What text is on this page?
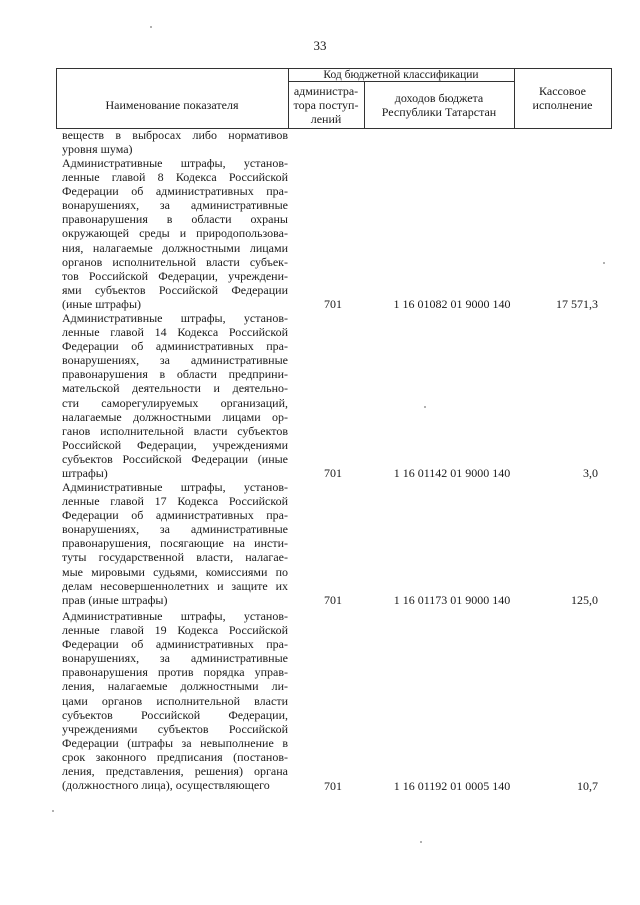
33
Наименование показателя
Код бюджетной классификации
администра-
тора поступ-
лений
доходов бюджета
Республики Татарстан
Кассовое
исполнение
веществ в выбросах либо нормативов
уровня шума)
Административные штрафы, установ-
ленные главой 8 Кодекса Российской
Федерации об административных пра-
вонарушениях, за административные
правонарушения в области охраны
окружающей среды и природопользова-
ния, налагаемые должностными лицами
органов исполнительной власти субъек-
тов Российской Федерации, учреждени-
ями субъектов Российской Федерации
(иные штрафы)	701	1 16 01082 01 9000 140	17 571,3
Административные штрафы, установ-
ленные главой 14 Кодекса Российской
Федерации об административных пра-
вонарушениях, за административные
правонарушения в области предприни-
мательской деятельности и деятельно-
сти саморегулируемых организаций,
налагаемые должностными лицами ор-
ганов исполнительной власти субъектов
Российской Федерации, учреждениями
субъектов Российской Федерации (иные
штрафы)	701	1 16 01142 01 9000 140	3,0
Административные штрафы, установ-
ленные главой 17 Кодекса Российской
Федерации об административных пра-
вонарушениях, за административные
правонарушения, посягающие на инсти-
туты государственной власти, налагае-
мые мировыми судьями, комиссиями по
делам несовершеннолетних и защите их
прав (иные штрафы)	701	1 16 01173 01 9000 140	125,0
Административные штрафы, установ-
ленные главой 19 Кодекса Российской
Федерации об административных пра-
вонарушениях, за административные
правонарушения против порядка управ-
ления, налагаемые должностными ли-
цами органов исполнительной власти
субъектов Российской Федерации,
учреждениями субъектов Российской
Федерации (штрафы за невыполнение в
срок законного предписания (постанов-
ления, представления, решения) органа
(должностного лица), осуществляющего	701	1 16 01192 01 0005 140	10,7
